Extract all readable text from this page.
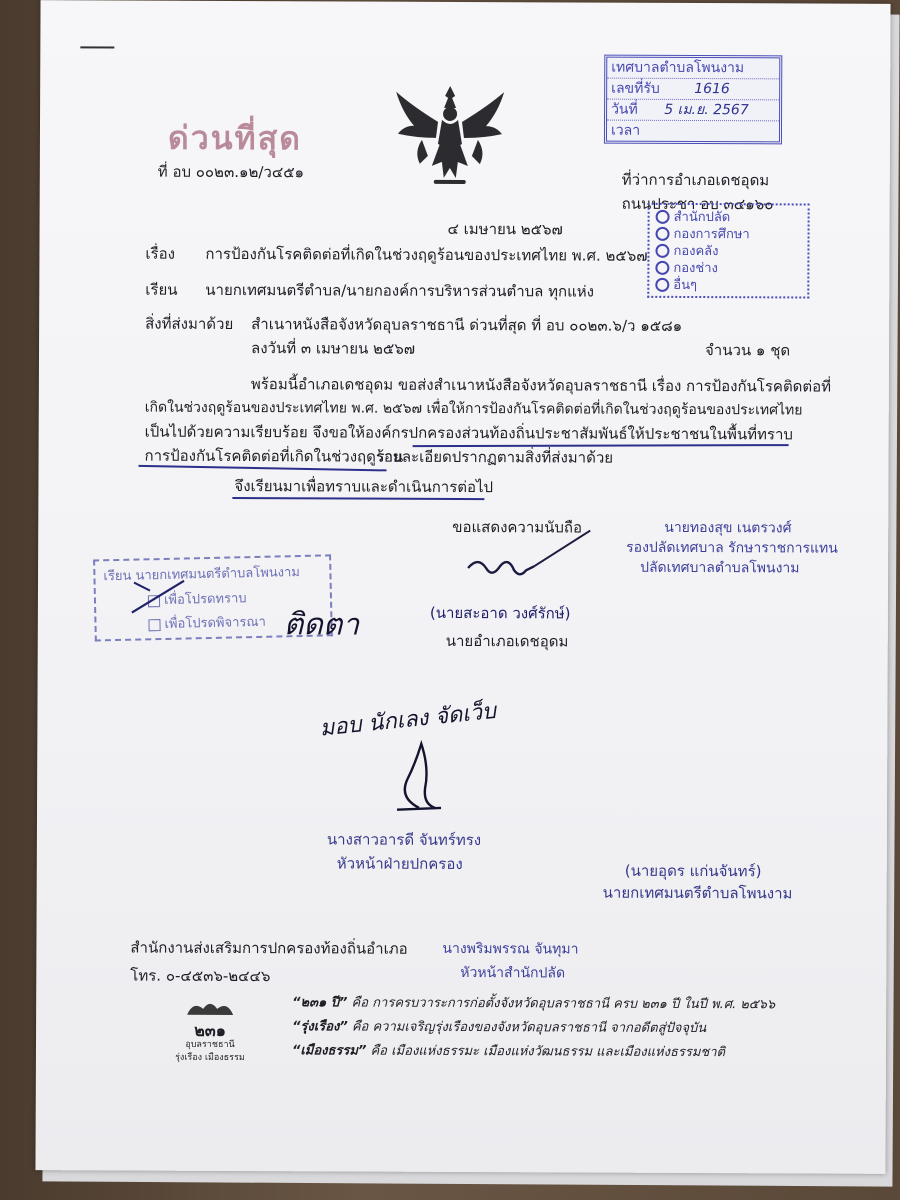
ด่วนที่สุด
ที่ อบ ๐๐๒๓.๑๒/ว๔๕๑	ที่ว่าการอำเภอเดชอุดม
ถนนประชา อบ ๓๔๑๖๐
เทศบาลตำบลโพนงาม
เลขที่รับ 1616
วันที่ 5 เม.ย. 2567
เวลา
สำนักปลัด
กองการศึกษา
กองคลัง
กองช่าง
อื่นๆ
๔ เมษายน ๒๕๖๗
เรื่อง การป้องกันโรคติดต่อที่เกิดในช่วงฤดูร้อนของประเทศไทย พ.ศ. ๒๕๖๗
เรียน นายกเทศมนตรีตำบล/นายกองค์การบริหารส่วนตำบล ทุกแห่ง
สิ่งที่ส่งมาด้วย สำเนาหนังสือจังหวัดอุบลราชธานี ด่วนที่สุด ที่ อบ ๐๐๒๓.๖/ว ๑๕๘๑
ลงวันที่ ๓ เมษายน ๒๕๖๗	จำนวน ๑ ชุด
พร้อมนี้อำเภอเดชอุดม ขอส่งสำเนาหนังสือจังหวัดอุบลราชธานี เรื่อง การป้องกันโรคติดต่อที่
เกิดในช่วงฤดูร้อนของประเทศไทย พ.ศ. ๒๕๖๗ เพื่อให้การป้องกันโรคติดต่อที่เกิดในช่วงฤดูร้อนของประเทศไทย
เป็นไปด้วยความเรียบร้อย จึงขอให้องค์กรปกครองส่วนท้องถิ่นประชาสัมพันธ์ให้ประชาชนในพื้นที่ทราบ
การป้องกันโรคติดต่อที่เกิดในช่วงฤดูร้อน
รายละเอียดปรากฏตามสิ่งที่ส่งมาด้วย
จึงเรียนมาเพื่อทราบและดำเนินการต่อไป
ขอแสดงความนับถือ	นายทองสุข เนตรวงศ์
รองปลัดเทศบาล รักษาราชการแทน
ปลัดเทศบาลตำบลโพนงาม
เรียน นายกเทศมนตรีตำบลโพนงาม
เพื่อโปรดทราบ
เพื่อโปรดพิจารณา ติดตา	(นายสะอาด วงศ์รักษ์)
นายอำเภอเดชอุดม
มอบ นักเลง จัดเว็บ
นางสาวอารดี จันทร์ทรง
หัวหน้าฝ่ายปกครอง	(นายอุดร แก่นจันทร์)
นายกเทศมนตรีตำบลโพนงาม
สำนักงานส่งเสริมการปกครองท้องถิ่นอำเภอ
โทร. ๐-๔๕๓๖-๒๔๔๖
นางพริมพรรณ จันทุมา
หัวหน้าสำนักปลัด
๒๓๑
อุบลราชธานี
รุ่งเรือง เมืองธรรม
“๒๓๑ ปี” คือ การครบวาระการก่อตั้งจังหวัดอุบลราชธานี ครบ ๒๓๑ ปี ในปี พ.ศ. ๒๕๖๖
“รุ่งเรือง” คือ ความเจริญรุ่งเรืองของจังหวัดอุบลราชธานี จากอดีตสู่ปัจจุบัน
“เมืองธรรม” คือ เมืองแห่งธรรมะ เมืองแห่งวัฒนธรรม และเมืองแห่งธรรมชาติ
